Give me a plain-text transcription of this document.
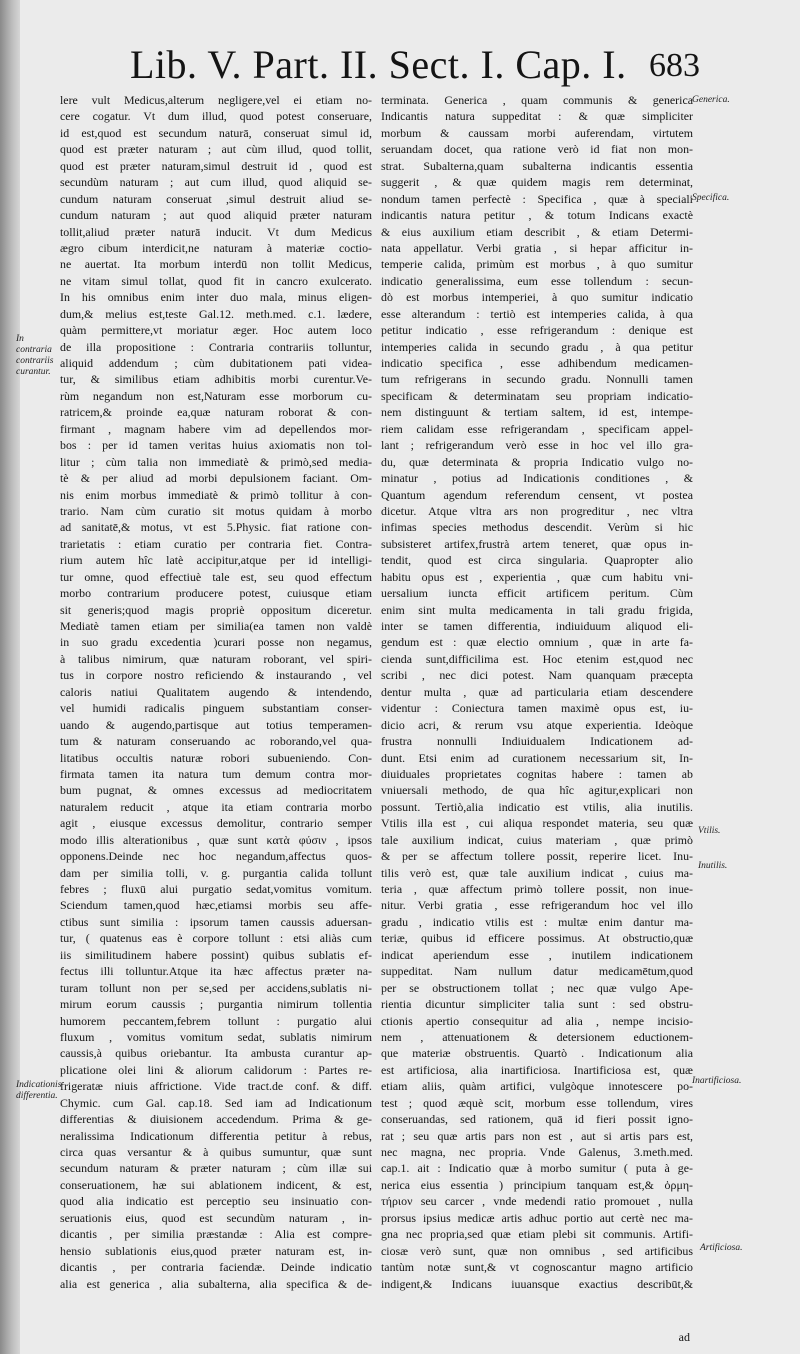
Lib. V. Part. II. Sect. I. Cap. I. 683
lere vult Medicus,alterum negligere,vel ei etiam no-
cere cogatur. Vt dum illud, quod potest conseruare,
id est,quod est secundum naturā, conseruat simul id,
quod est præter naturam ; aut cùm illud, quod tollit,
quod est præter naturam,simul destruit id , quod est
secundùm naturam ; aut cum illud, quod aliquid se-
cundum naturam conseruat ,simul destruit aliud se-
cundum naturam ; aut quod aliquid præter naturam
tollit,aliud præter naturā inducit. Vt dum Medicus
ægro cibum interdicit,ne naturam à materiæ coctio-
ne auertat. Ita morbum interdū non tollit Medicus,
ne vitam simul tollat, quod fit in cancro exulcerato.
In his omnibus enim inter duo mala, minus eligen-
dum,& melius est,teste Gal.12. meth.med. c.1. lædere,
quàm permittere,vt moriatur æger. Hoc autem loco
de illa propositione : Contraria contrariis tolluntur,
aliquid addendum ; cùm dubitationem pati videa-
tur, & similibus etiam adhibitis morbi curentur.Ve-
rùm negandum non est,Naturam esse morborum cu-
ratricem,& proinde ea,quæ naturam roborat & con-
firmant , magnam habere vim ad depellendos mor-
bos : per id tamen veritas huius axiomatis non tol-
litur ; cùm talia non immediatè & primò,sed media-
tè & per aliud ad morbi depulsionem faciant. Om-
nis enim morbus immediatè & primò tollitur à con-
trario. Nam cùm curatio sit motus quidam à morbo
ad sanitatē,& motus, vt est 5.Physic. fiat ratione con-
trarietatis : etiam curatio per contraria fiet. Contra-
rium autem hîc latè accipitur,atque per id intelligi-
tur omne, quod effectiuè tale est, seu quod effectum
morbo contrarium producere potest, cuiusque etiam
sit generis;quod magis propriè oppositum diceretur.
Mediatè tamen etiam per similia(ea tamen non valdè
in suo gradu excedentia )curari posse non negamus,
à talibus nimirum, quæ naturam roborant, vel spiri-
tus in corpore nostro reficiendo & instaurando , vel
caloris natiui Qualitatem augendo & intendendo,
vel humidi radicalis pinguem substantiam conser-
uando & augendo,partisque aut totius temperamen-
tum & naturam conseruando ac roborando,vel qua-
litatibus occultis naturæ robori subueniendo. Con-
firmata tamen ita natura tum demum contra mor-
bum pugnat, & omnes excessus ad mediocritatem
naturalem reducit , atque ita etiam contraria morbo
agit , eiusque excessus demolitur, contrario semper
modo illis alterationibus , quæ sunt κατὰ φύσιν , ipsos
opponens.Deinde nec hoc negandum,affectus quos-
dam per similia tolli, v. g. purgantia calida tollunt
febres ; fluxū alui purgatio sedat,vomitus vomitum.
Sciendum tamen,quod hæc,etiamsi morbis seu affe-
ctibus sunt similia : ipsorum tamen caussis aduersan-
tur, ( quatenus eas è corpore tollunt : etsi aliàs cum
iis similitudinem habere possint) quibus sublatis ef-
fectus illi tolluntur.Atque ita hæc affectus præter na-
turam tollunt non per se,sed per accidens,sublatis ni-
mirum eorum caussis ; purgantia nimirum tollentia
humorem peccantem,febrem tollunt : purgatio alui
fluxum , vomitus vomitum sedat, sublatis nimirum
caussis,à quibus oriebantur. Ita ambusta curantur ap-
plicatione olei lini & aliorum calidorum : Partes re-
frigeratæ niuis affrictione. Vide tract.de conf. & diff.
Chymic. cum Gal. cap.18. Sed iam ad Indicationum
differentias & diuisionem accedendum. Prima & ge-
neralissima Indicationum differentia petitur à rebus,
circa quas versantur & à quibus sumuntur, quæ sunt
secundum naturam & præter naturam ; cùm illæ sui
conseruationem, hæ sui ablationem indicent, & est,
quod alia indicatio est perceptio seu insinuatio con-
seruationis eius, quod est secundùm naturam , in-
dicantis , per similia præstandæ : Alia est compre-
hensio sublationis eius,quod præter naturam est, in-
dicantis , per contraria faciendæ. Deinde indicatio
alia est generica , alia subalterna, alia specifica & de-
terminata. Generica , quam communis & generica
Indicantis natura suppeditat : & quæ simpliciter
morbum & caussam morbi auferendam, virtutem
seruandam docet, qua ratione verò id fiat non mon-
strat. Subalterna,quam subalterna indicantis essentia
suggerit , & quæ quidem magis rem determinat,
nondum tamen perfectè : Specifica , quæ à speciali
indicantis natura petitur , & totum Indicans exactè
& eius auxilium etiam describit , & etiam Determi-
nata appellatur. Verbi gratia , si hepar afficitur in-
temperie calida, primùm est morbus , à quo sumitur
indicatio generalissima, eum esse tollendum : secun-
dò est morbus intemperiei, à quo sumitur indicatio
esse alterandum : tertiò est intemperies calida, à qua
petitur indicatio , esse refrigerandum : denique est
intemperies calida in secundo gradu , à qua petitur
indicatio specifica , esse adhibendum medicamen-
tum refrigerans in secundo gradu. Nonnulli tamen
specificam & determinatam seu propriam indicatio-
nem distinguunt & tertiam saltem, id est, intempe-
riem calidam esse refrigerandam , specificam appel-
lant ; refrigerandum verò esse in hoc vel illo gra-
du, quæ determinata & propria Indicatio vulgo no-
minatur , potius ad Indicationis conditiones , &
Quantum agendum referendum censent, vt postea
dicetur. Atque vltra ars non progreditur , nec vltra
infimas species methodus descendit. Verùm si hic
subsisteret artifex,frustrà artem teneret, quæ opus in-
tendit, quod est circa singularia. Quapropter alio
habitu opus est , experientia , quæ cum habitu vni-
uersalium iuncta efficit artificem peritum. Cùm
enim sint multa medicamenta in tali gradu frigida,
inter se tamen differentia, indiuiduum aliquod eli-
gendum est : quæ electio omnium , quæ in arte fa-
cienda sunt,difficilima est. Hoc etenim est,quod nec
scribi , nec dici potest. Nam quanquam præcepta
dentur multa , quæ ad particularia etiam descendere
videntur : Coniectura tamen maximè opus est, iu-
dicio acri, & rerum vsu atque experientia. Ideòque
frustra nonnulli Indiuidualem Indicationem ad-
dunt. Etsi enim ad curationem necessarium sit, In-
diuiduales proprietates cognitas habere : tamen ab
vniuersali methodo, de qua hîc agitur,explicari non
possunt. Tertiò,alia indicatio est vtilis, alia inutilis.
Vtilis illa est , cui aliqua respondet materia, seu quæ
tale auxilium indicat, cuius materiam , quæ primò
& per se affectum tollere possit, reperire licet. Inu-
tilis verò est, quæ tale auxilium indicat , cuius ma-
teria , quæ affectum primò tollere possit, non inue-
nitur. Verbi gratia , esse refrigerandum hoc vel illo
gradu , indicatio vtilis est : multæ enim dantur ma-
teriæ, quibus id efficere possimus. At obstructio,quæ
indicat aperiendum esse , inutilem indicationem
suppeditat. Nam nullum datur medicamētum,quod
per se obstructionem tollat ; nec quæ vulgo Ape-
rientia dicuntur simpliciter talia sunt : sed obstru-
ctionis apertio consequitur ad alia , nempe incisio-
nem , attenuationem & detersionem eductionem-
que materiæ obstruentis. Quartò . Indicationum alia
est artificiosa, alia inartificiosa. Inartificiosa est, quæ
etiam aliis, quàm artifici, vulgòque innotescere po-
test ; quod æquè scit, morbum esse tollendum, vires
conseruandas, sed rationem, quā id fieri possit igno-
rat ; seu quæ artis pars non est , aut si artis pars est,
nec magna, nec propria. Vnde Galenus, 3.meth.med.
cap.1. ait : Indicatio quæ à morbo sumitur ( puta à ge-
nerica eius essentia ) principium tanquam est,& ὁρμη-
τήριον seu carcer , vnde medendi ratio promouet , nulla
prorsus ipsius medicæ artis adhuc portio aut certè nec ma-
gna nec propria,sed quæ etiam plebi sit communis. Artifi-
ciosæ verò sunt, quæ non omnibus , sed artificibus
tantùm notæ sunt,& vt cognoscantur magno artificio
indigent,& Indicans iuuansque exactius describūt,&
In contraria contrariis curantur.
Indicationis differentia.
Generica.
Specifica.
Vtilis.
Inutilis.
Inartificiosa.
Artificiosa.
ad
